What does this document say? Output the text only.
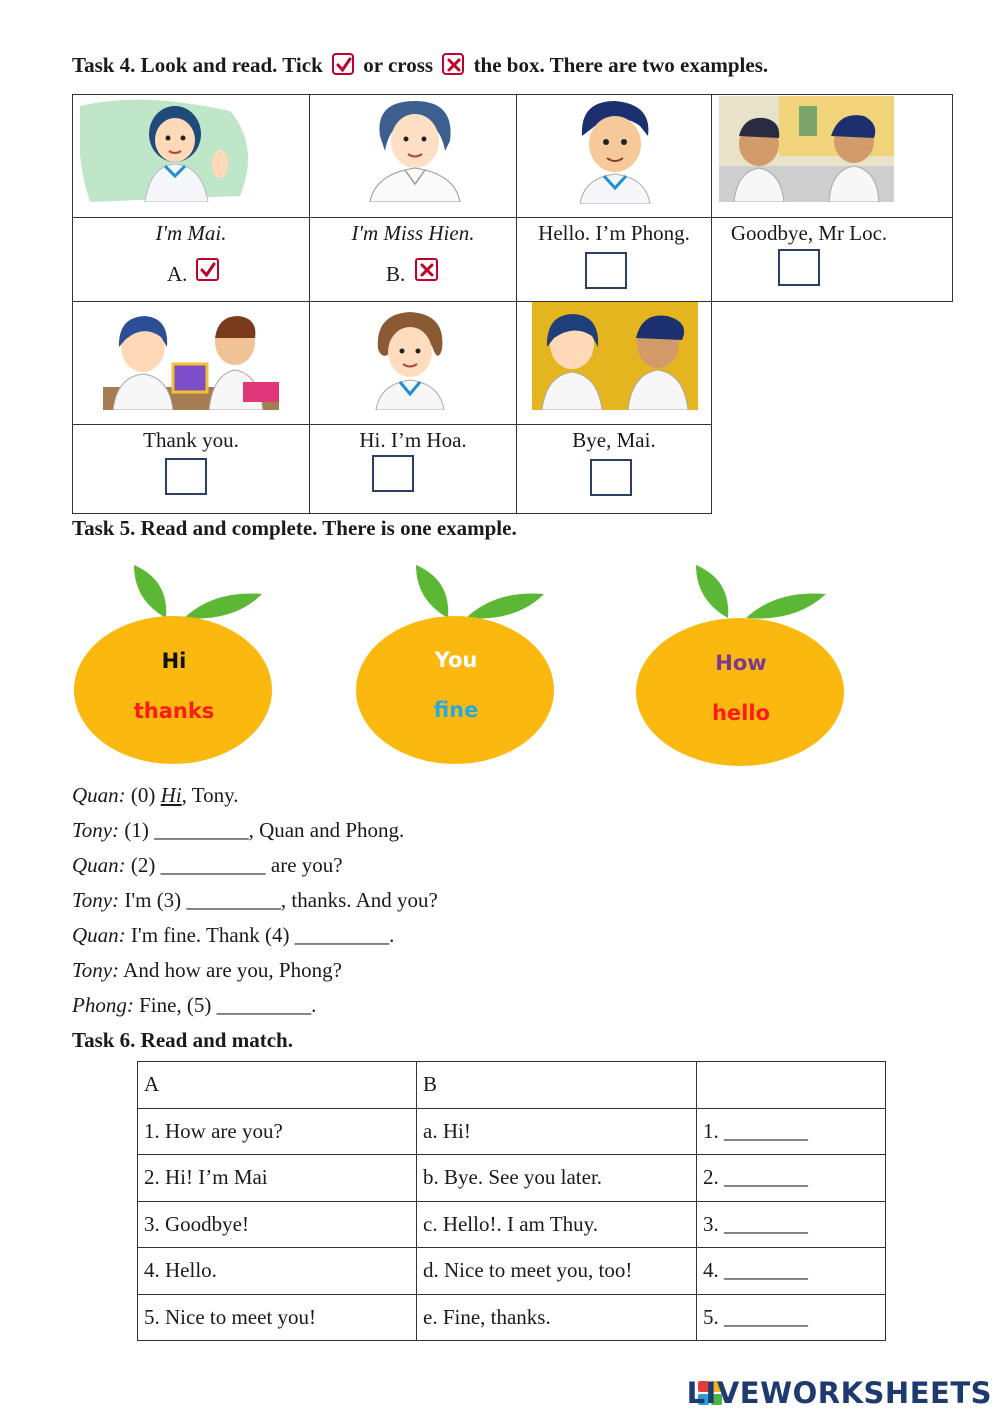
Task 4. Look and read. Tick or cross the box. There are two examples.
I'm Mai.	I'm Miss Hien.	Hello. I’m Phong.	Goodbye, Mr Loc.
A.	B.
Thank you.	Hi. I’m Hoa.	Bye, Mai.
Task 5. Read and complete. There is one example.
Hi
thanks
You
fine
How
hello
Quan: (0) Hi, Tony.
Tony: (1) _________, Quan and Phong.
Quan: (2) __________ are you?
Tony: I'm (3) _________, thanks. And you?
Quan: I'm fine. Thank (4) _________.
Tony: And how are you, Phong?
Phong: Fine, (5) _________.
Task 6. Read and match.
A	B	
1. How are you?	a. Hi!	1. ________
2. Hi! I’m Mai	b. Bye. See you later.	2. ________
3. Goodbye!	c. Hello!. I am Thuy.	3. ________
4. Hello.	d. Nice to meet you, too!	4. ________
5. Nice to meet you!	e. Fine, thanks.	5. ________
LIVEWORKSHEETS
